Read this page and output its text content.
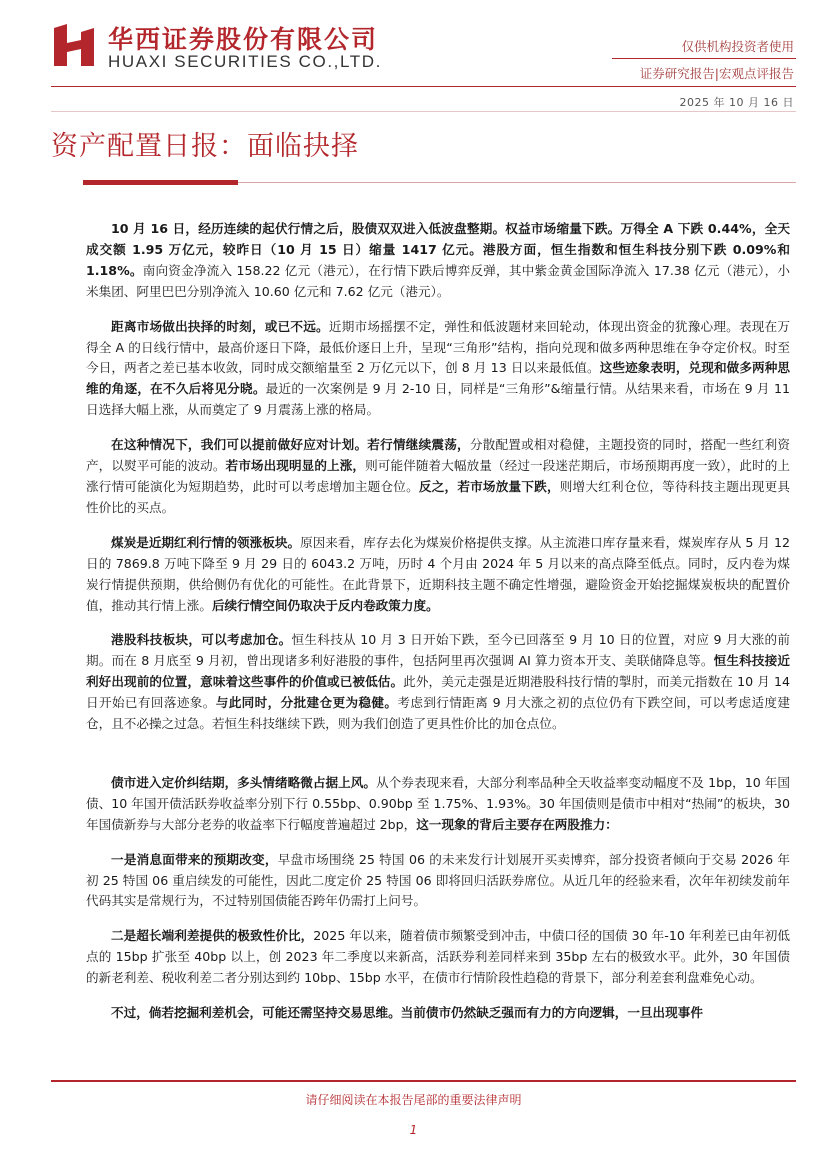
华西证券股份有限公司
HUAXI SECURITIES CO.,LTD.
仅供机构投资者使用
证券研究报告|宏观点评报告
2025 年 10 月 16 日
资产配置日报：面临抉择

10 月 16 日，经历连续的起伏行情之后，股债双双进入低波盘整期。权益市场缩量下跌。万得全 A 下跌 0.44%，全天成交额 1.95 万亿元，较昨日（10 月 15 日）缩量 1417 亿元。港股方面，恒生指数和恒生科技分别下跌 0.09%和 1.18%。南向资金净流入 158.22 亿元（港元），在行情下跌后博弈反弹，其中紫金黄金国际净流入 17.38 亿元（港元），小米集团、阿里巴巴分别净流入 10.60 亿元和 7.62 亿元（港元）。

距离市场做出抉择的时刻，或已不远。近期市场摇摆不定，弹性和低波题材来回轮动，体现出资金的犹豫心理。表现在万得全 A 的日线行情中，最高价逐日下降，最低价逐日上升，呈现“三角形”结构，指向兑现和做多两种思维在争夺定价权。时至今日，两者之差已基本收敛，同时成交额缩量至 2 万亿元以下，创 8 月 13 日以来最低值。这些迹象表明，兑现和做多两种思维的角逐，在不久后将见分晓。最近的一次案例是 9 月 2-10 日，同样是“三角形”&缩量行情。从结果来看，市场在 9 月 11 日选择大幅上涨，从而奠定了 9 月震荡上涨的格局。

在这种情况下，我们可以提前做好应对计划。若行情继续震荡，分散配置或相对稳健，主题投资的同时，搭配一些红利资产，以熨平可能的波动。若市场出现明显的上涨，则可能伴随着大幅放量（经过一段迷茫期后，市场预期再度一致），此时的上涨行情可能演化为短期趋势，此时可以考虑增加主题仓位。反之，若市场放量下跌，则增大红利仓位，等待科技主题出现更具性价比的买点。

煤炭是近期红利行情的领涨板块。原因来看，库存去化为煤炭价格提供支撑。从主流港口库存量来看，煤炭库存从 5 月 12 日的 7869.8 万吨下降至 9 月 29 日的 6043.2 万吨，历时 4 个月由 2024 年 5 月以来的高点降至低点。同时，反内卷为煤炭行情提供预期，供给侧仍有优化的可能性。在此背景下，近期科技主题不确定性增强，避险资金开始挖掘煤炭板块的配置价值，推动其行情上涨。后续行情空间仍取决于反内卷政策力度。

港股科技板块，可以考虑加仓。恒生科技从 10 月 3 日开始下跌，至今已回落至 9 月 10 日的位置，对应 9 月大涨的前期。而在 8 月底至 9 月初，曾出现诸多利好港股的事件，包括阿里再次强调 AI 算力资本开支、美联储降息等。恒生科技接近利好出现前的位置，意味着这些事件的价值或已被低估。此外，美元走强是近期港股科技行情的掣肘，而美元指数在 10 月 14 日开始已有回落迹象。与此同时，分批建仓更为稳健。考虑到行情距离 9 月大涨之初的点位仍有下跌空间，可以考虑适度建仓，且不必操之过急。若恒生科技继续下跌，则为我们创造了更具性价比的加仓点位。

债市进入定价纠结期，多头情绪略微占据上风。从个券表现来看，大部分利率品种全天收益率变动幅度不及 1bp，10 年国债、10 年国开债活跃券收益率分别下行 0.55bp、0.90bp 至 1.75%、1.93%。30 年国债则是债市中相对“热闹”的板块，30 年国债新券与大部分老券的收益率下行幅度普遍超过 2bp，这一现象的背后主要存在两股推力：

一是消息面带来的预期改变，早盘市场围绕 25 特国 06 的未来发行计划展开买卖博弈，部分投资者倾向于交易 2026 年初 25 特国 06 重启续发的可能性，因此二度定价 25 特国 06 即将回归活跃券席位。从近几年的经验来看，次年年初续发前年代码其实是常规行为，不过特别国债能否跨年仍需打上问号。

二是超长端利差提供的极致性价比，2025 年以来，随着债市频繁受到冲击，中债口径的国债 30 年-10 年利差已由年初低点的 15bp 扩张至 40bp 以上，创 2023 年二季度以来新高，活跃券利差同样来到 35bp 左右的极致水平。此外，30 年国债的新老利差、税收利差二者分别达到约 10bp、15bp 水平，在债市行情阶段性趋稳的背景下，部分利差套利盘难免心动。

不过，倘若挖掘利差机会，可能还需坚持交易思维。当前债市仍然缺乏强而有力的方向逻辑，一旦出现事件

请仔细阅读在本报告尾部的重要法律声明
1
